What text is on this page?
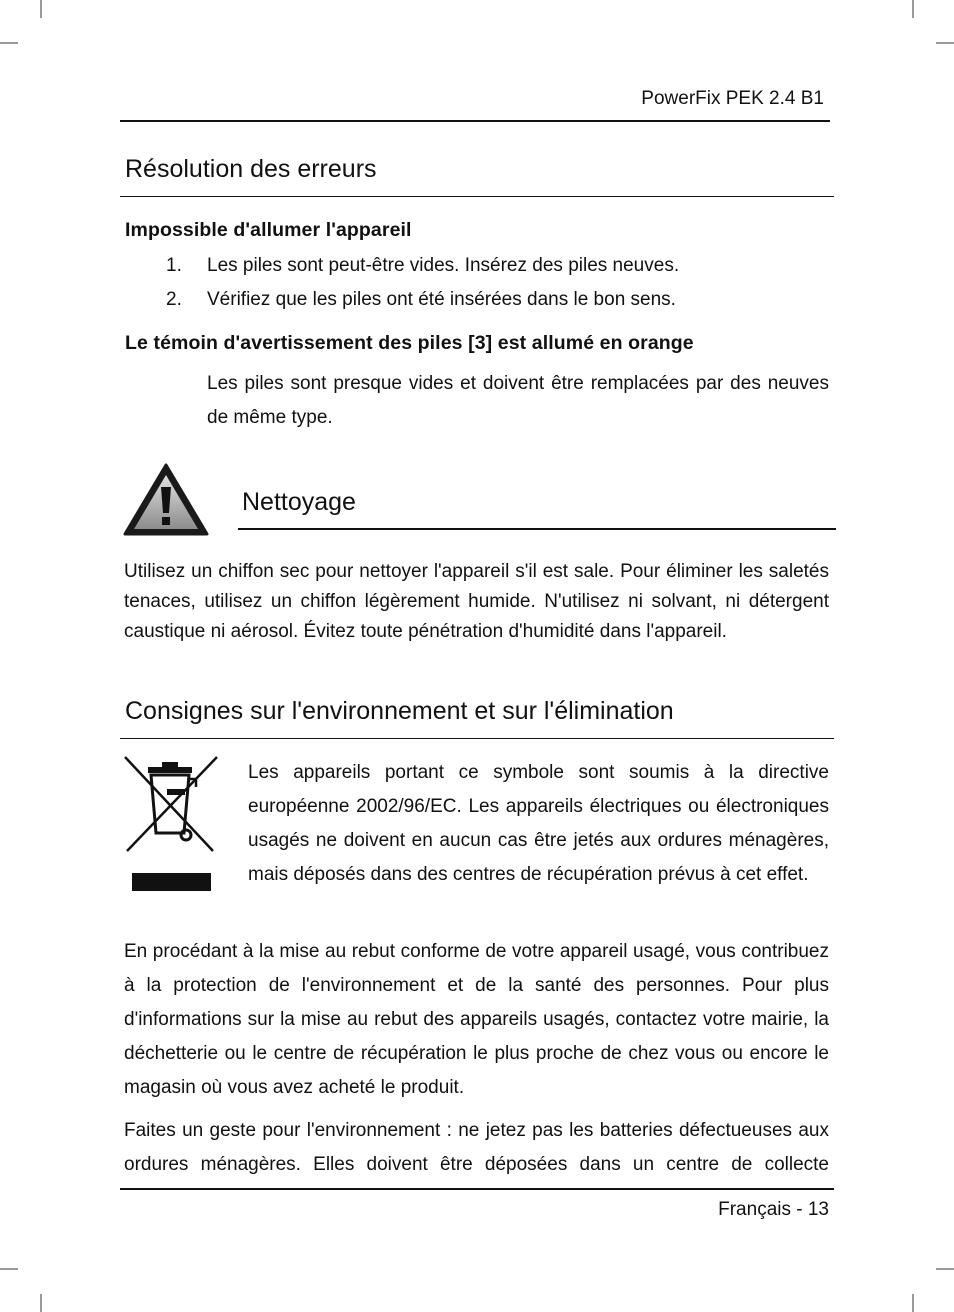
PowerFix PEK 2.4 B1
Résolution des erreurs
Impossible d'allumer l'appareil
1. Les piles sont peut-être vides. Insérez des piles neuves.
2. Vérifiez que les piles ont été insérées dans le bon sens.
Le témoin d'avertissement des piles [3] est allumé en orange

Les piles sont presque vides et doivent être remplacées par des neuves de même type.

Nettoyage

Utilisez un chiffon sec pour nettoyer l'appareil s'il est sale. Pour éliminer les saletés tenaces, utilisez un chiffon légèrement humide. N'utilisez ni solvant, ni détergent caustique ni aérosol. Évitez toute pénétration d'humidité dans l'appareil.

Consignes sur l'environnement et sur l'élimination

Les appareils portant ce symbole sont soumis à la directive européenne 2002/96/EC. Les appareils électriques ou électroniques usagés ne doivent en aucun cas être jetés aux ordures ménagères, mais déposés dans des centres de récupération prévus à cet effet.

En procédant à la mise au rebut conforme de votre appareil usagé, vous contribuez à la protection de l'environnement et de la santé des personnes. Pour plus d'informations sur la mise au rebut des appareils usagés, contactez votre mairie, la déchetterie ou le centre de récupération le plus proche de chez vous ou encore le magasin où vous avez acheté le produit.

Faites un geste pour l'environnement : ne jetez pas les batteries défectueuses aux ordures ménagères. Elles doivent être déposées dans un centre de collecte

Français - 13
